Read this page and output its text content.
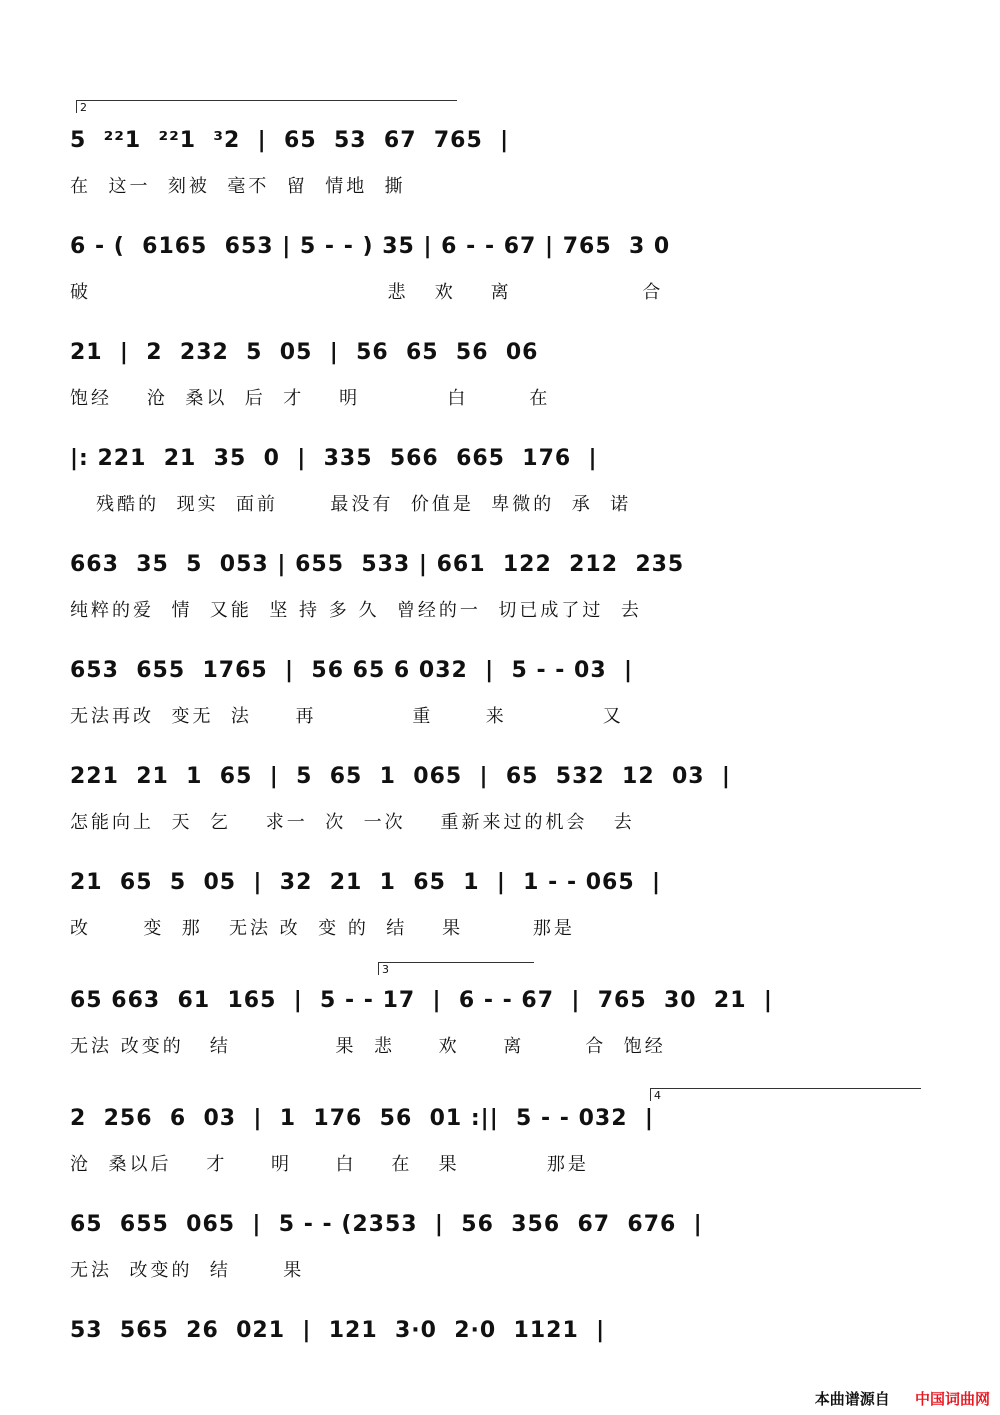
2
3
4
5  ²²1  ²²1  ³2  |  65  53  67  765  |
在  这一  刻被  毫不  留  情地  撕
6 - (  6165  653 | 5 - - ) 35 | 6 - - 67 | 765  3 0
破                                  悲   欢    离               合
21  |  2  232  5  05  |  56  65  56  06
饱经    沧  桑以  后  才    明          白       在
|: 221  21  35  0  |  335  566  665  176  |
残酷的  现实  面前      最没有  价值是  卑微的  承  诺
663  35  5  053 | 655  533 | 661  122  212  235
纯粹的爱  情  又能  坚 持 多 久  曾经的一  切已成了过  去
653  655  1765  |  56 65 6 032  |  5 - - 03  |
无法再改  变无  法     再           重      来           又
221  21  1  65  |  5  65  1  065  |  65  532  12  03  |
怎能向上  天  乞    求一  次  一次    重新来过的机会   去
21  65  5  05  |  32  21  1  65  1  |  1 - - 065  |
改      变  那   无法 改  变 的  结    果        那是
65 663  61  165  |  5 - - 17  |  6 - - 67  |  765  30  21  |
无法 改变的   结            果  悲     欢     离       合  饱经
2  256  6  03  |  1  176  56  01 :||  5 - - 032  |
沧  桑以后    才     明     白    在   果          那是
65  655  065  |  5 - - (2353  |  56  356  67  676  |
无法  改变的  结      果
53  565  26  021  |  121  3·0  2·0  1121  |
本曲谱源自 中国词曲网
